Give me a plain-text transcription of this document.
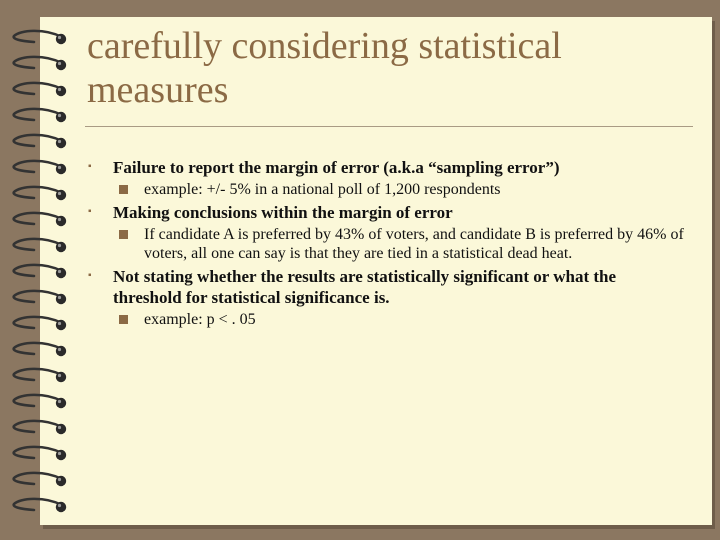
carefully considering statistical measures
▪	Failure to report the margin of error (a.k.a “sampling error”)
example: +/- 5% in a national poll of 1,200 respondents
▪	Making conclusions within the margin of error
If candidate A is preferred by 43% of voters, and candidate B is preferred by 46% of voters, all one can say is that they are tied in a statistical dead heat.
▪	Not stating whether the results are statistically significant or what the threshold for statistical significance is.
example: p < . 05
